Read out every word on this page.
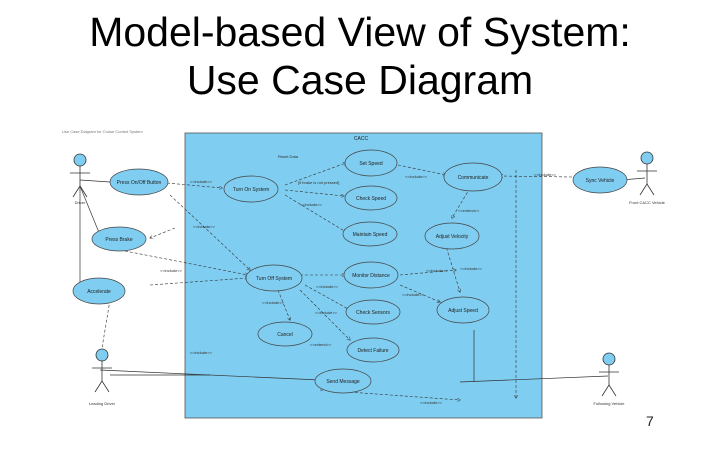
Model-based View of System:
Use Case Diagram
Use Case Diagram for Cruise Control System
CACC
Press On/Off Button
Press Brake
Accelerate
Turn On System
Set Speed
Check Speed
Communicate	Sync Vehicle
Maintain Speed	Adjust Velocity
Turn Off System	Monitor Distance
Adjust Speed
Check Sensors
Cancel
Detect Failure
Send Message
Reset Data
[if brake is not pressed]
<<include>>
<<include>>
<<include>>	<<include>>
<<extend>>
<<include>>
<<include>>	<<include>>	<<include>>
<<include>>
<<include>>
<<include>>
<<include>>
<<extend>>
<<include>>
<<include>>
Driver	Front CACC Vehicle
Leading Driver	Following Vehicle
7
